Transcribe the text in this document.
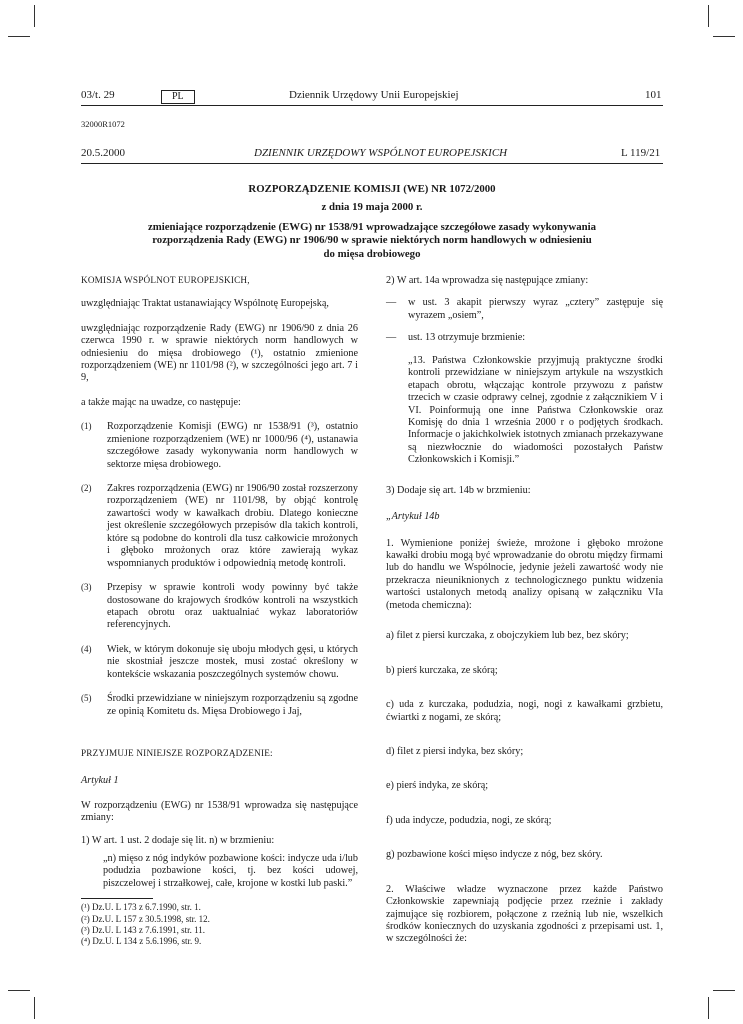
03/t. 29	PL	Dziennik Urzędowy Unii Europejskiej	101
32000R1072
20.5.2000	DZIENNIK URZĘDOWY WSPÓLNOT EUROPEJSKICH	L 119/21
ROZPORZĄDZENIE KOMISJI (WE) NR 1072/2000
z dnia 19 maja 2000 r.
zmieniające rozporządzenie (EWG) nr 1538/91 wprowadzające szczegółowe zasady wykonywania
rozporządzenia Rady (EWG) nr 1906/90 w sprawie niektórych norm handlowych w odniesieniu
do mięsa drobiowego

KOMISJA WSPÓLNOT EUROPEJSKICH,

uwzględniając Traktat ustanawiający Wspólnotę Europejską,

uwzględniając rozporządzenie Rady (EWG) nr 1906/90 z dnia 26 czerwca 1990 r. w sprawie niektórych norm handlowych w odniesieniu do mięsa drobiowego (¹), ostatnio zmienione rozporządzeniem (WE) nr 1101/98 (²), w szczególności jego art. 7 i 9,

a także mając na uwadze, co następuje:

(1)	Rozporządzenie Komisji (EWG) nr 1538/91 (³), ostatnio zmienione rozporządzeniem (WE) nr 1000/96 (⁴), ustanawia szczegółowe zasady wykonywania norm handlowych w sektorze mięsa drobiowego.
(2)	Zakres rozporządzenia (EWG) nr 1906/90 został rozszerzony rozporządzeniem (WE) nr 1101/98, by objąć kontrolę zawartości wody w kawałkach drobiu. Dlatego konieczne jest określenie szczegółowych przepisów dla takich kontroli, które są podobne do kontroli dla tusz całkowicie mrożonych i głęboko mrożonych oraz które zawierają wykaz wspomnianych produktów i odpowiednią metodę kontroli.
(3)	Przepisy w sprawie kontroli wody powinny być także dostosowane do krajowych środków kontroli na wszystkich etapach obrotu oraz uaktualniać wykaz laboratoriów referencyjnych.
(4)	Wiek, w którym dokonuje się uboju młodych gęsi, u których nie skostniał jeszcze mostek, musi zostać określony w kontekście wskazania poszczególnych systemów chowu.
(5)	Środki przewidziane w niniejszym rozporządzeniu są zgodne ze opinią Komitetu ds. Mięsa Drobiowego i Jaj,

PRZYJMUJE NINIEJSZE ROZPORZĄDZENIE:

Artykuł 1

W rozporządzeniu (EWG) nr 1538/91 wprowadza się następujące zmiany:

1) W art. 1 ust. 2 dodaje się lit. n) w brzmieniu:

„n) mięso z nóg indyków pozbawione kości: indycze uda i/lub podudzia pozbawione kości, tj. bez kości udowej, piszczelowej i strzałkowej, całe, krojone w kostki lub paski.”

(¹) Dz.U. L 173 z 6.7.1990, str. 1.
(²) Dz.U. L 157 z 30.5.1998, str. 12.
(³) Dz.U. L 143 z 7.6.1991, str. 11.
(⁴) Dz.U. L 134 z 5.6.1996, str. 9.

2) W art. 14a wprowadza się następujące zmiany:

—	w ust. 3 akapit pierwszy wyraz „cztery” zastępuje się wyrazem „osiem”,
—	ust. 13 otrzymuje brzmienie:

„13. Państwa Członkowskie przyjmują praktyczne środki kontroli przewidziane w niniejszym artykule na wszystkich etapach obrotu, włączając kontrole przywozu z państw trzecich w czasie odprawy celnej, zgodnie z załącznikiem V i VI. Poinformują one inne Państwa Członkowskie oraz Komisję do dnia 1 września 2000 r o podjętych środkach. Informacje o jakichkolwiek istotnych zmianach przekazywane są niezwłocznie do wiadomości pozostałych Państw Członkowskich i Komisji.”

3) Dodaje się art. 14b w brzmieniu:

„Artykuł 14b

1. Wymienione poniżej świeże, mrożone i głęboko mrożone kawałki drobiu mogą być wprowadzanie do obrotu między firmami lub do handlu we Wspólnocie, jedynie jeżeli zawartość wody nie przekracza nieuniknionych z technologicznego punktu widzenia wartości ustalonych metodą analizy opisaną w załączniku VIa (metoda chemiczna):

a) filet z piersi kurczaka, z obojczykiem lub bez, bez skóry;
b) pierś kurczaka, ze skórą;
c) uda z kurczaka, podudzia, nogi, nogi z kawałkami grzbietu, ćwiartki z nogami, ze skórą;
d) filet z piersi indyka, bez skóry;
e) pierś indyka, ze skórą;
f) uda indycze, podudzia, nogi, ze skórą;
g) pozbawione kości mięso indycze z nóg, bez skóry.

2. Właściwe władze wyznaczone przez każde Państwo Członkowskie zapewniają podjęcie przez rzeźnie i zakłady zajmujące się rozbiorem, połączone z rzeźnią lub nie, wszelkich środków koniecznych do uzyskania zgodności z przepisami ust. 1, w szczególności że:
